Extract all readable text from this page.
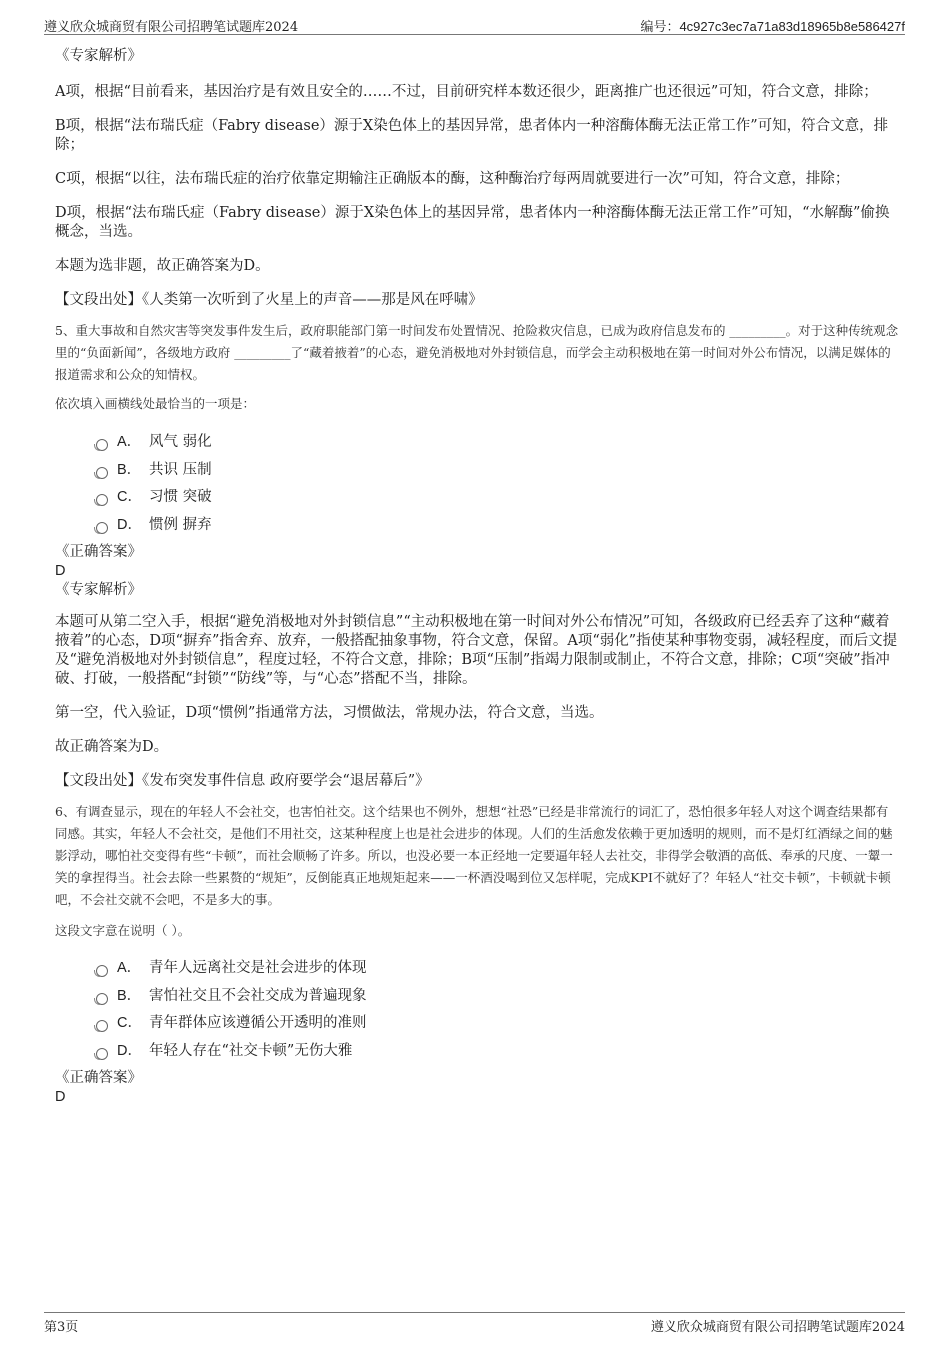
遵义欣众城商贸有限公司招聘笔试题库2024	编号：4c927c3ec7a71a83d18965b8e586427f

《专家解析》

A项，根据“目前看来，基因治疗是有效且安全的……不过，目前研究样本数还很少，距离推广也还很远”可知，符合文意，排除；

B项，根据“法布瑞氏症（Fabry disease）源于X染色体上的基因异常，患者体内一种溶酶体酶无法正常工作”可知，符合文意，排除；

C项，根据“以往，法布瑞氏症的治疗依靠定期输注正确版本的酶，这种酶治疗每两周就要进行一次”可知，符合文意，排除；

D项，根据“法布瑞氏症（Fabry disease）源于X染色体上的基因异常，患者体内一种溶酶体酶无法正常工作”可知，“水解酶”偷换概念，当选。

本题为选非题，故正确答案为D。

【文段出处】《人类第一次听到了火星上的声音——那是风在呼啸》

5、重大事故和自然灾害等突发事件发生后，政府职能部门第一时间发布处置情况、抢险救灾信息，已成为政府信息发布的 _________。对于这种传统观念里的“负面新闻”，各级地方政府 _________了“藏着掖着”的心态，避免消极地对外封锁信息，而学会主动积极地在第一时间对外公布情况，以满足媒体的报道需求和公众的知情权。

依次填入画横线处最恰当的一项是：

A． 风气 弱化
B． 共识 压制
C． 习惯 突破
D． 惯例 摒弃

《正确答案》

D

《专家解析》

本题可从第二空入手，根据“避免消极地对外封锁信息”“主动积极地在第一时间对外公布情况”可知，各级政府已经丢弃了这种“藏着掖着”的心态，D项“摒弃”指舍弃、放弃，一般搭配抽象事物，符合文意，保留。A项“弱化”指使某种事物变弱，减轻程度，而后文提及“避免消极地对外封锁信息”，程度过轻，不符合文意，排除；B项“压制”指竭力限制或制止，不符合文意，排除；C项“突破”指冲破、打破，一般搭配“封锁”“防线”等，与“心态”搭配不当，排除。

第一空，代入验证，D项“惯例”指通常方法，习惯做法，常规办法，符合文意，当选。

故正确答案为D。

【文段出处】《发布突发事件信息 政府要学会“退居幕后”》

6、有调查显示，现在的年轻人不会社交，也害怕社交。这个结果也不例外，想想“社恐”已经是非常流行的词汇了，恐怕很多年轻人对这个调查结果都有同感。其实，年轻人不会社交，是他们不用社交，这某种程度上也是社会进步的体现。人们的生活愈发依赖于更加透明的规则，而不是灯红酒绿之间的魅影浮动，哪怕社交变得有些“卡顿”，而社会顺畅了许多。所以，也没必要一本正经地一定要逼年轻人去社交，非得学会敬酒的高低、奉承的尺度、一颦一笑的拿捏得当。社会去除一些累赘的“规矩”，反倒能真正地规矩起来——一杯酒没喝到位又怎样呢，完成KPI不就好了？年轻人“社交卡顿”，卡顿就卡顿吧，不会社交就不会吧，不是多大的事。

这段文字意在说明（ ）。

A． 青年人远离社交是社会进步的体现
B． 害怕社交且不会社交成为普遍现象
C． 青年群体应该遵循公开透明的准则
D． 年轻人存在“社交卡顿”无伤大雅

《正确答案》

D

第3页	遵义欣众城商贸有限公司招聘笔试题库2024
